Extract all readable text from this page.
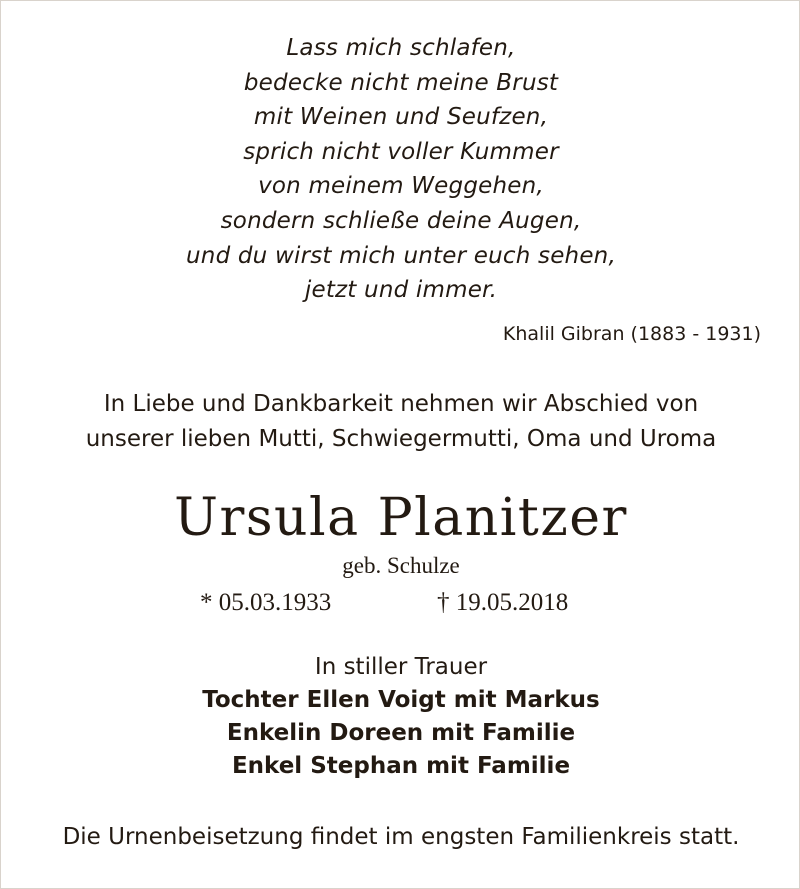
Lass mich schlafen,
bedecke nicht meine Brust
mit Weinen und Seufzen,
sprich nicht voller Kummer
von meinem Weggehen,
sondern schließe deine Augen,
und du wirst mich unter euch sehen,
jetzt und immer.
Khalil Gibran (1883 - 1931)
In Liebe und Dankbarkeit nehmen wir Abschied von
unserer lieben Mutti, Schwiegermutti, Oma und Uroma
Ursula Planitzer
geb. Schulze
* 05.03.1933	† 19.05.2018
In stiller Trauer
Tochter Ellen Voigt mit Markus
Enkelin Doreen mit Familie
Enkel Stephan mit Familie
Die Urnenbeisetzung findet im engsten Familienkreis statt.
